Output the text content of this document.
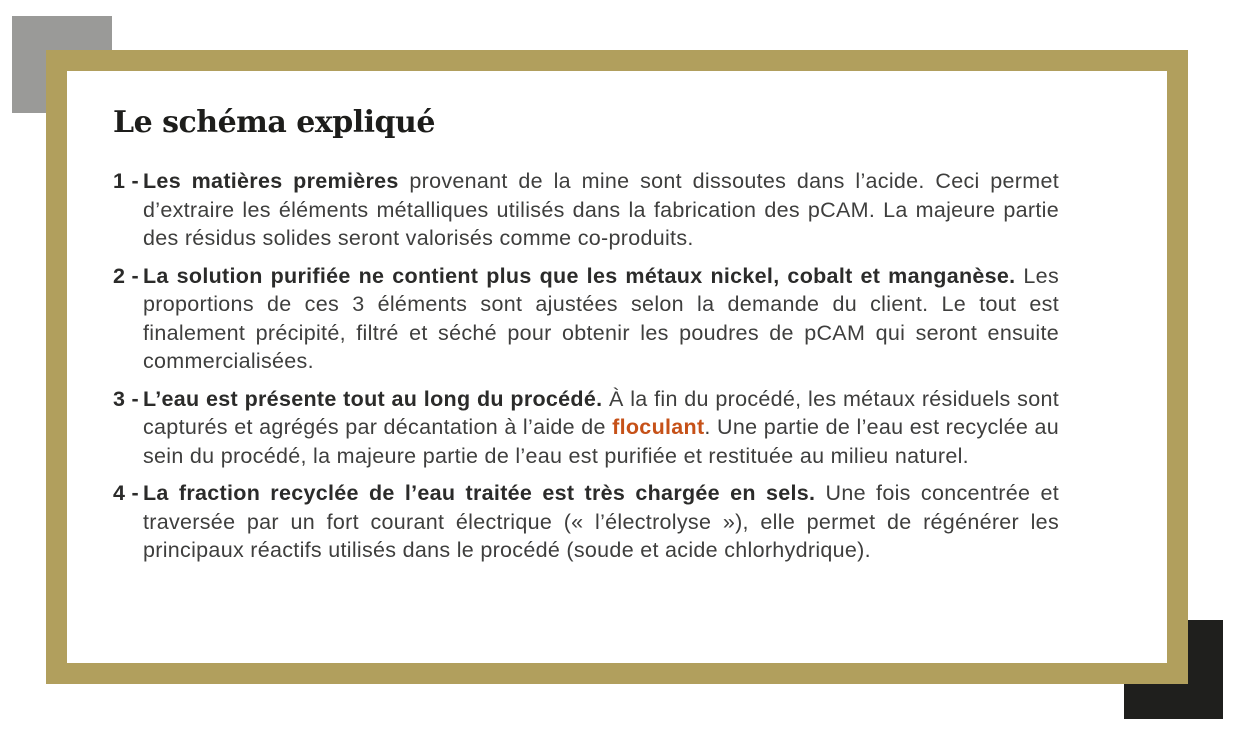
Le schéma expliqué
1 - Les matières premières provenant de la mine sont dissoutes dans l’acide. Ceci permet d’extraire les éléments métalliques utilisés dans la fabrication des pCAM. La majeure partie des résidus solides seront valorisés comme co-produits.
2 - La solution purifiée ne contient plus que les métaux nickel, cobalt et manganèse. Les proportions de ces 3 éléments sont ajustées selon la demande du client. Le tout est finalement précipité, filtré et séché pour obtenir les poudres de pCAM qui seront ensuite commercialisées.
3 - L’eau est présente tout au long du procédé. À la fin du procédé, les métaux résiduels sont capturés et agrégés par décantation à l’aide de floculant. Une partie de l’eau est recyclée au sein du procédé, la majeure partie de l’eau est purifiée et restituée au milieu naturel.
4 - La fraction recyclée de l’eau traitée est très chargée en sels. Une fois concentrée et traversée par un fort courant électrique (« l’électrolyse »), elle permet de régénérer les principaux réactifs utilisés dans le procédé (soude et acide chlorhydrique).
